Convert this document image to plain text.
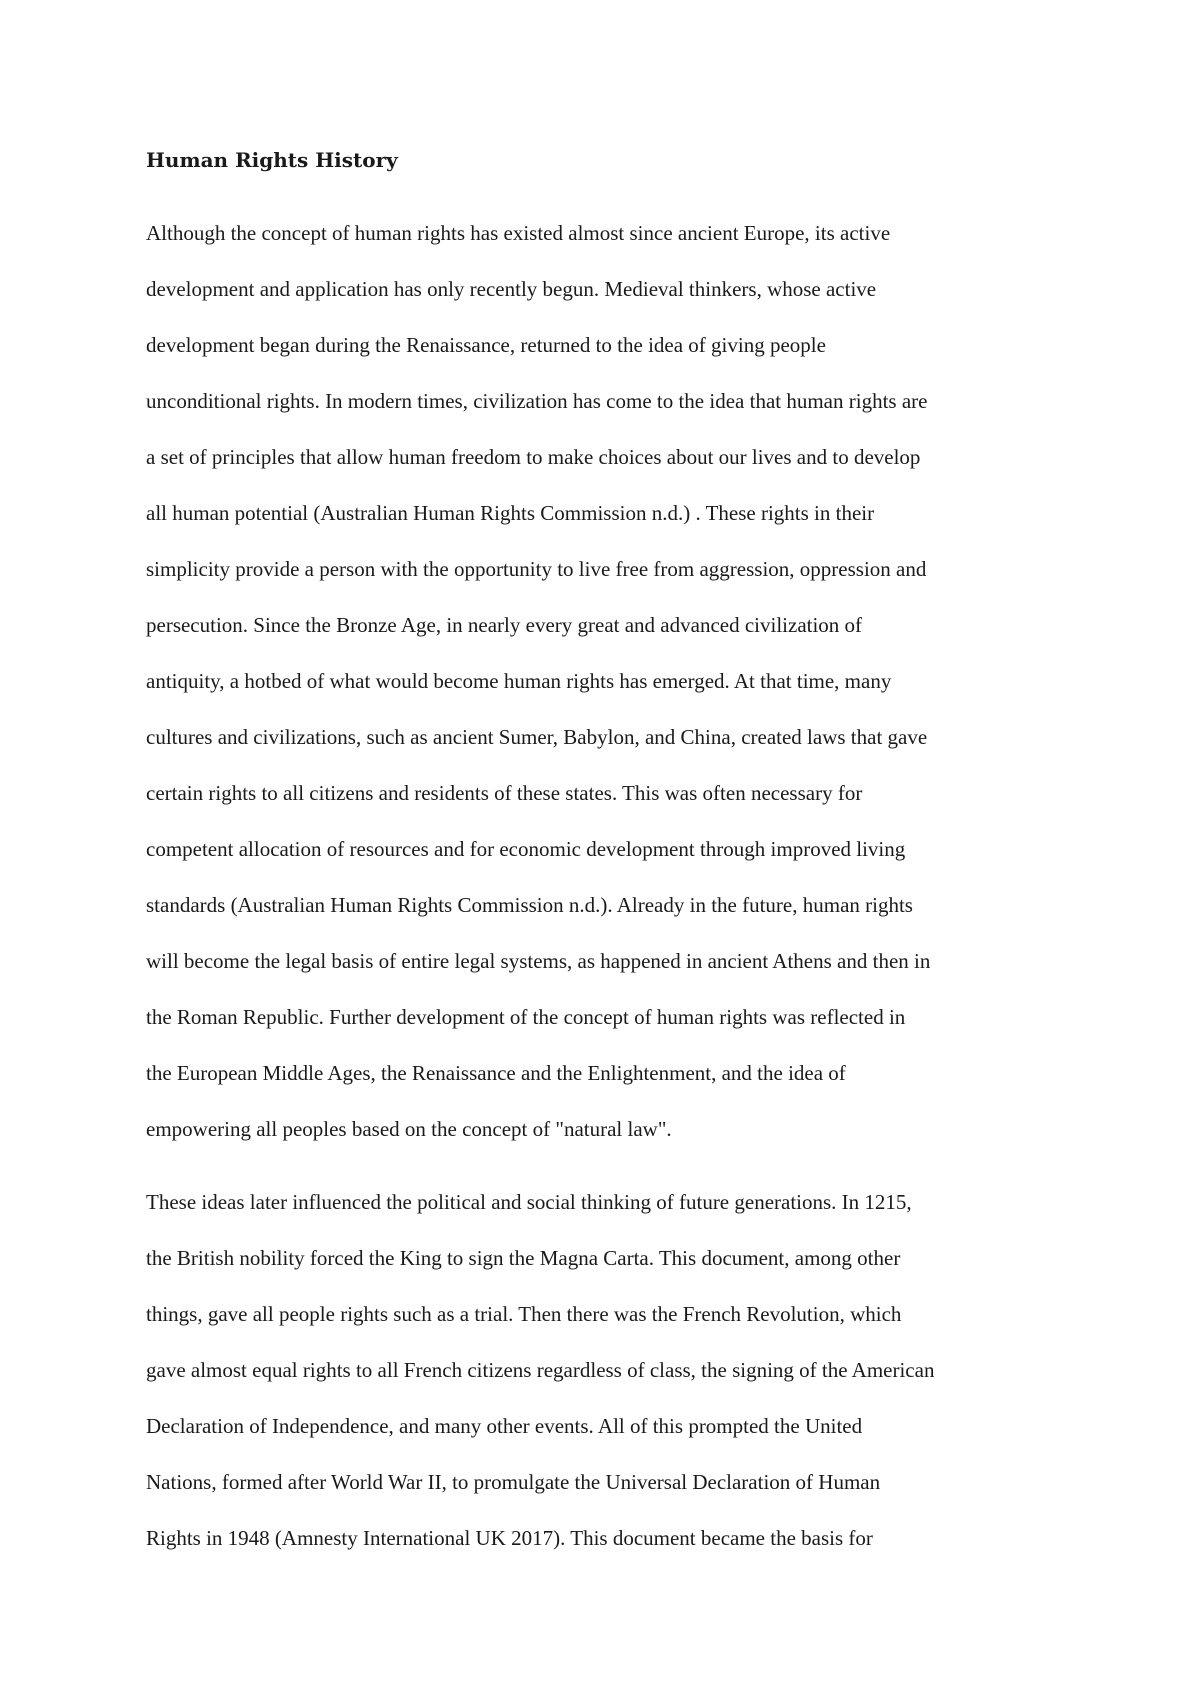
Human Rights History

Although the concept of human rights has existed almost since ancient Europe, its active
development and application has only recently begun. Medieval thinkers, whose active
development began during the Renaissance, returned to the idea of giving people
unconditional rights. In modern times, civilization has come to the idea that human rights are
a set of principles that allow human freedom to make choices about our lives and to develop
all human potential (Australian Human Rights Commission n.d.) . These rights in their
simplicity provide a person with the opportunity to live free from aggression, oppression and
persecution. Since the Bronze Age, in nearly every great and advanced civilization of
antiquity, a hotbed of what would become human rights has emerged. At that time, many
cultures and civilizations, such as ancient Sumer, Babylon, and China, created laws that gave
certain rights to all citizens and residents of these states. This was often necessary for
competent allocation of resources and for economic development through improved living
standards (Australian Human Rights Commission n.d.). Already in the future, human rights
will become the legal basis of entire legal systems, as happened in ancient Athens and then in
the Roman Republic. Further development of the concept of human rights was reflected in
the European Middle Ages, the Renaissance and the Enlightenment, and the idea of
empowering all peoples based on the concept of "natural law".

These ideas later influenced the political and social thinking of future generations. In 1215,
the British nobility forced the King to sign the Magna Carta. This document, among other
things, gave all people rights such as a trial. Then there was the French Revolution, which
gave almost equal rights to all French citizens regardless of class, the signing of the American
Declaration of Independence, and many other events. All of this prompted the United
Nations, formed after World War II, to promulgate the Universal Declaration of Human
Rights in 1948 (Amnesty International UK 2017). This document became the basis for
